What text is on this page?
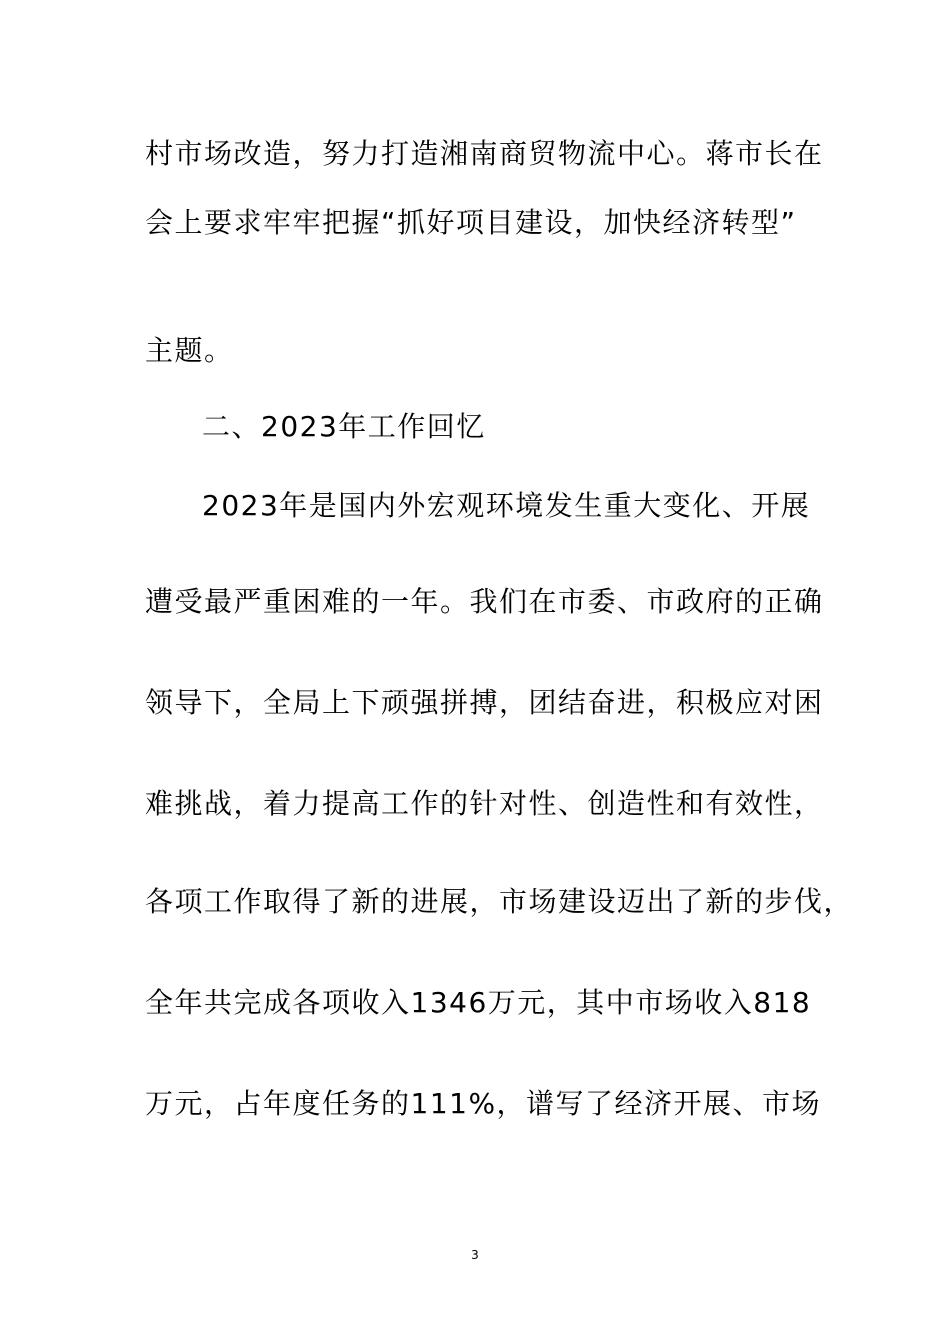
村市场改造，努力打造湘南商贸物流中心。蒋市长在
会上要求牢牢把握“抓好项目建设，加快经济转型”
主题。
二、2023年工作回忆
2023年是国内外宏观环境发生重大变化、开展
遭受最严重困难的一年。我们在市委、市政府的正确
领导下，全局上下顽强拼搏，团结奋进，积极应对困
难挑战，着力提高工作的针对性、创造性和有效性，
各项工作取得了新的进展，市场建设迈出了新的步伐，
全年共完成各项收入1346万元，其中市场收入818
万元，占年度任务的111%，谱写了经济开展、市场
3
